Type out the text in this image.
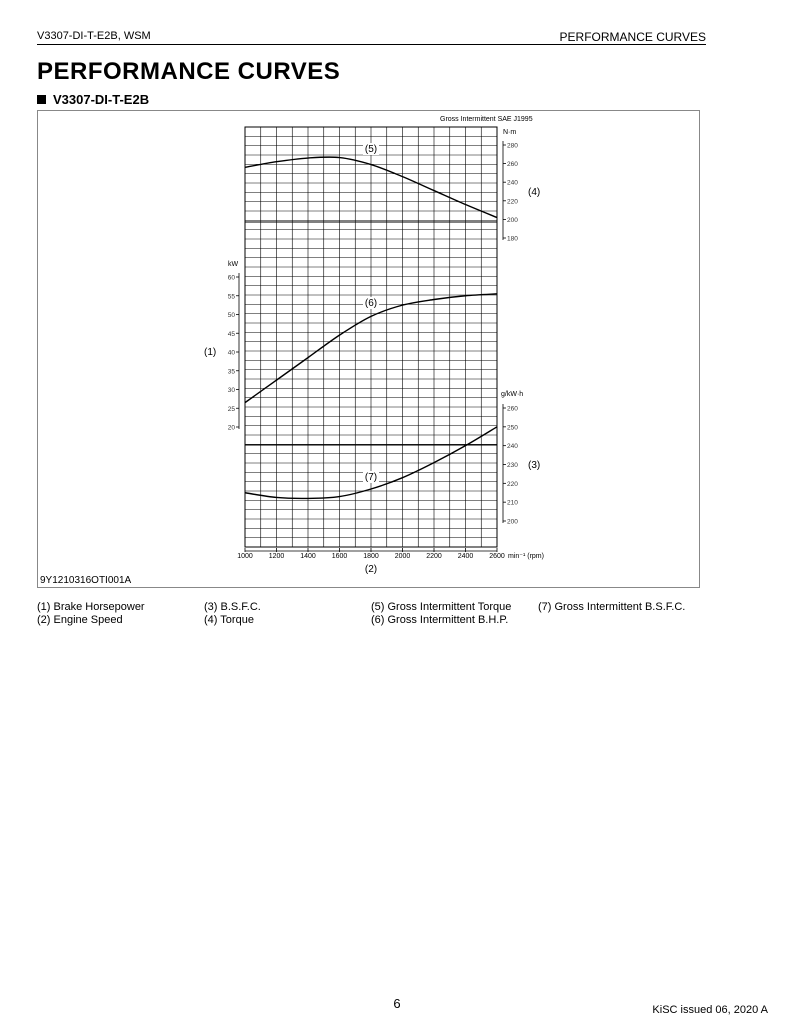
V3307-DI-T-E2B, WSM	PERFORMANCE CURVES
PERFORMANCE CURVES
V3307-DI-T-E2B
1000 1200 1400 1600 1800 2000 2200 2400 2600 min⁻¹ (rpm)
(2)
280
260
240
220
200
180
N·m
(4)
60
55
50
45
40
35
30
25
20
kW
(1)
260
250
240
230
220
210
200
g/kW·h
(3)
(5)
(6)
(7)
Gross Intermittent SAE J1995
9Y1210316OTI001A
(1) Brake Horsepower
(2) Engine Speed
(3) B.S.F.C.
(4) Torque
(5) Gross Intermittent Torque
(6) Gross Intermittent B.H.P.
(7) Gross Intermittent B.S.F.C.
6	KiSC issued 06, 2020 A
